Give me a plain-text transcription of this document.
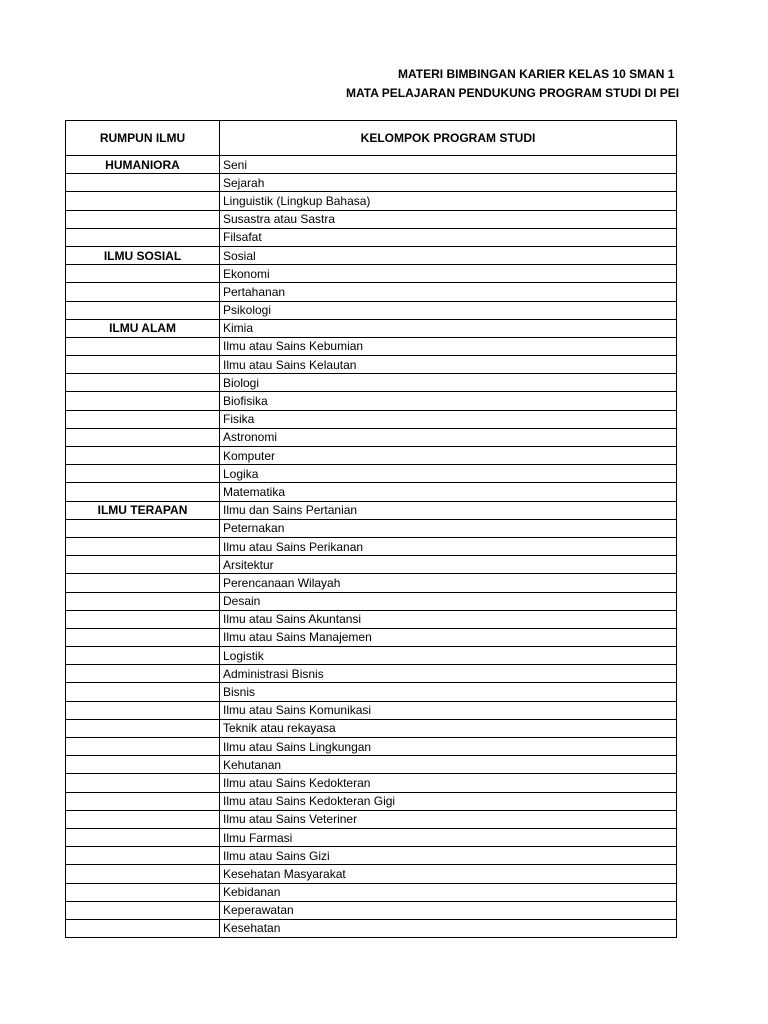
MATERI BIMBINGAN KARIER KELAS 10 SMAN 1
MATA PELAJARAN PENDUKUNG PROGRAM STUDI DI PEI
RUMPUN ILMU	KELOMPOK PROGRAM STUDI
HUMANIORA	Seni
	Sejarah
	Linguistik (Lingkup Bahasa)
	Susastra atau Sastra
	Filsafat
ILMU SOSIAL	Sosial
	Ekonomi
	Pertahanan
	Psikologi
ILMU ALAM	Kimia
	Ilmu atau Sains Kebumian
	Ilmu atau Sains Kelautan
	Biologi
	Biofisika
	Fisika
	Astronomi
	Komputer
	Logika
	Matematika
ILMU TERAPAN	Ilmu dan Sains Pertanian
	Peternakan
	Ilmu atau Sains Perikanan
	Arsitektur
	Perencanaan Wilayah
	Desain
	Ilmu atau Sains Akuntansi
	Ilmu atau Sains Manajemen
	Logistik
	Administrasi Bisnis
	Bisnis
	Ilmu atau Sains Komunikasi
	Teknik atau rekayasa
	Ilmu atau Sains Lingkungan
	Kehutanan
	Ilmu atau Sains Kedokteran
	Ilmu atau Sains Kedokteran Gigi
	Ilmu atau Sains Veteriner
	Ilmu Farmasi
	Ilmu atau Sains Gizi
	Kesehatan Masyarakat
	Kebidanan
	Keperawatan
	Kesehatan
